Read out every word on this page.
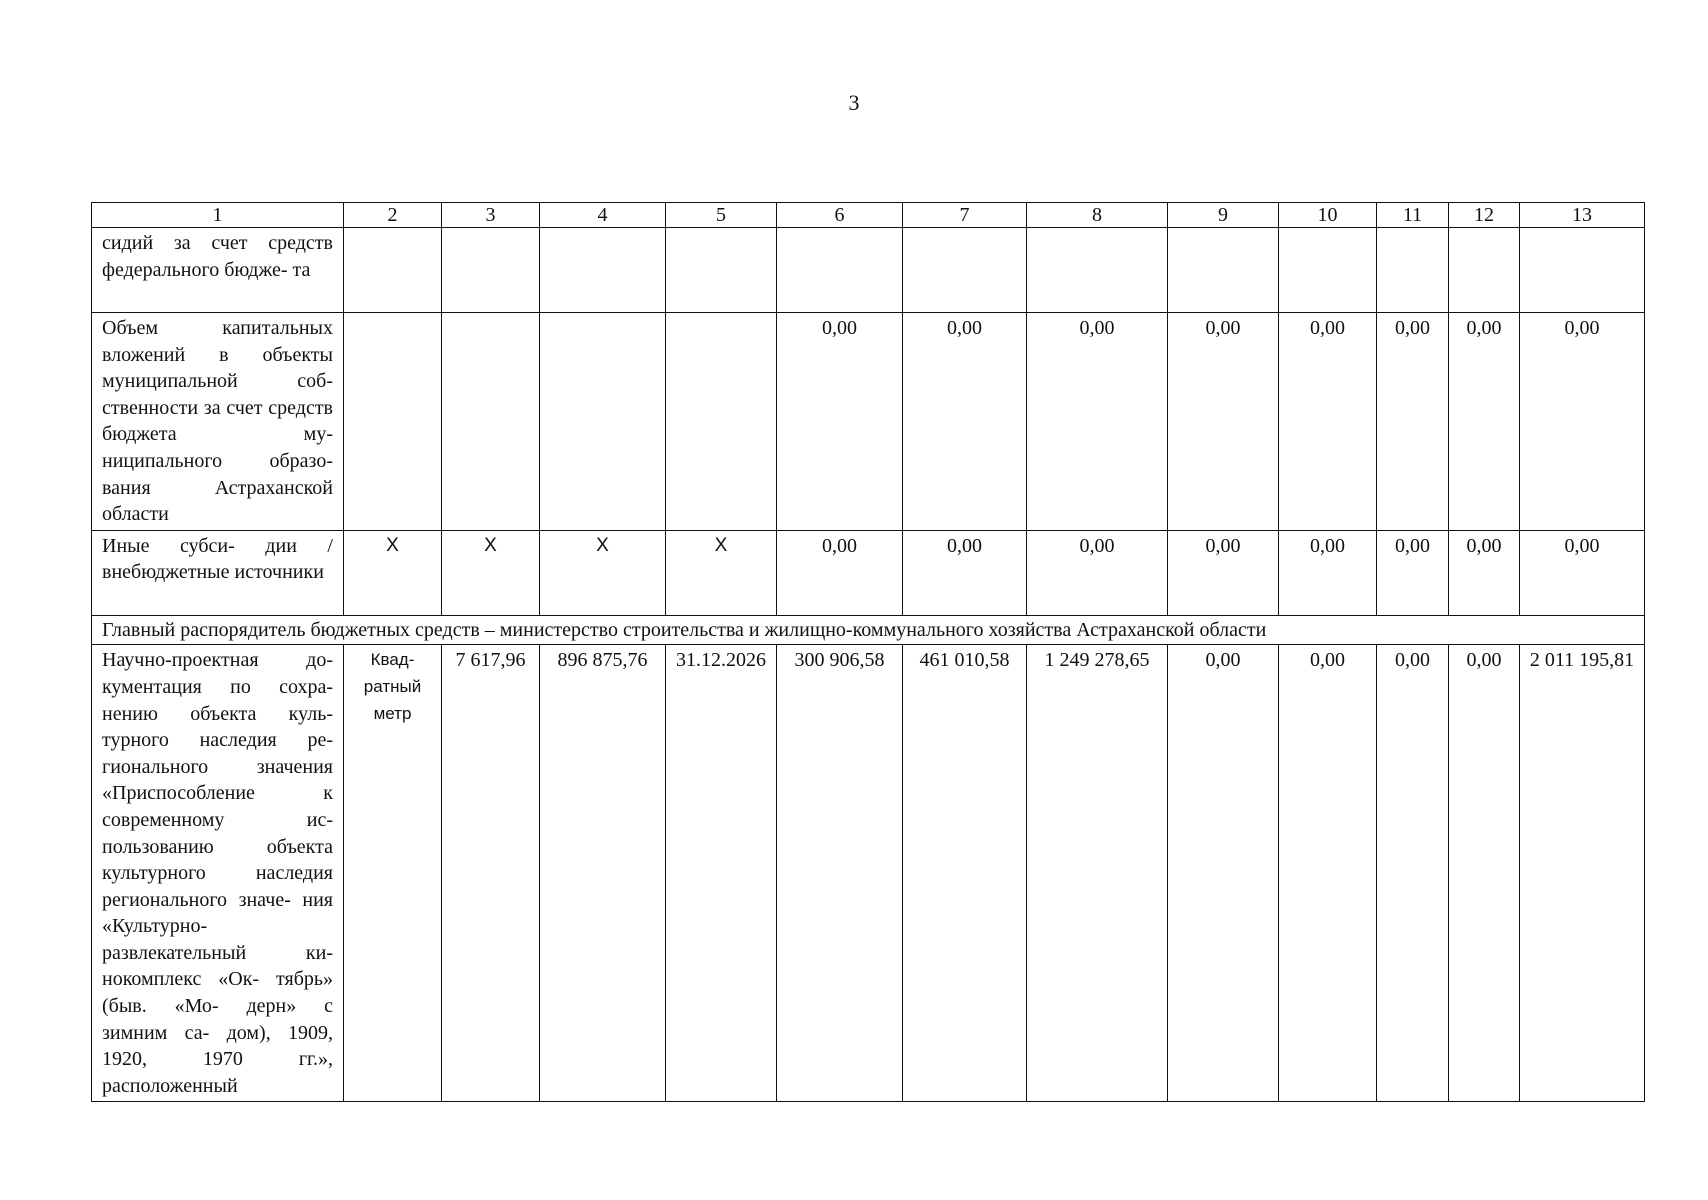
3
1	2	3	4	5	6	7	8	9	10	11	12	13
сидий за счет средств федерального бюдже- та												
Объем капитальных вложений в объекты муниципальной соб- ственности за счет средств бюджета му- ниципального образо- вания Астраханской области					0,00	0,00	0,00	0,00	0,00	0,00	0,00	0,00
Иные субси- дии / внебюджетные источники	X	X	X	X	0,00	0,00	0,00	0,00	0,00	0,00	0,00	0,00
Главный распорядитель бюджетных средств – министерство строительства и жилищно-коммунального хозяйства Астраханской области												
Научно-проектная до- кументация по сохра- нению объекта куль- турного наследия ре- гионального значения «Приспособление к современному ис- пользованию объекта культурного наследия регионального значе- ния «Культурно- развлекательный ки- нокомплекс «Ок- тябрь» (быв. «Мо- дерн» с зимним са- дом), 1909, 1920, 1970 гг.», расположенный	Квад- ратный метр	7 617,96	896 875,76	31.12.2026	300 906,58	461 010,58	1 249 278,65	0,00	0,00	0,00	0,00	2 011 195,81
